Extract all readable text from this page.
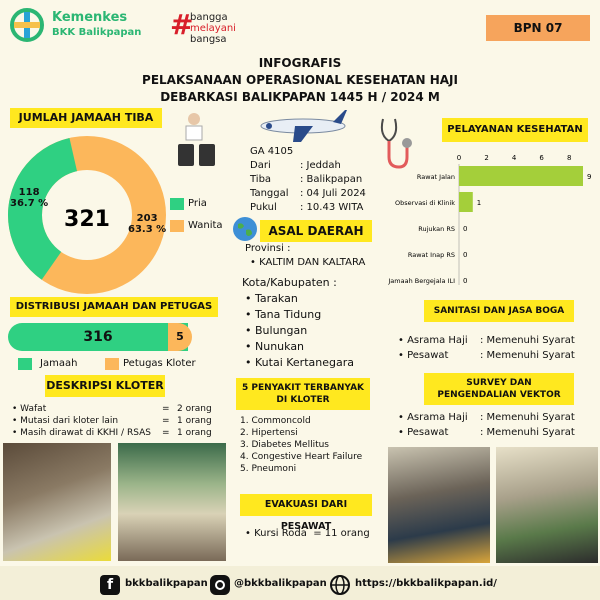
Kemenkes
BKK Balikpapan #
bangga
melayani
bangsa
BPN 07
INFOGRAFIS
PELAKSANAAN OPERASIONAL KESEHATAN HAJI
DEBARKASI BALIKPAPAN 1445 H / 2024 M
JUMLAH JAMAAH TIBA
321
118
36.7 %
203
63.3 %
Pria
Wanita
GA 4105
Dari	: Jeddah
Tiba	: Balikpapan
Tanggal	: 04 Juli 2024
Pukul	: 10.43 WITA
ASAL DAERAH
Provinsi :
• KALTIM DAN KALTARA
Kota/Kabupaten :
• Tarakan
• Tana Tidung
• Bulungan
• Nunukan
• Kutai Kertanegara
PELAYANAN KESEHATAN
0	2	4	6	8
Rawat Jalan	9
Observasi di Klinik	1
Rujukan RS 0
Rawat Inap RS 0
Jamaah Bergejala ILI 0
DISTRIBUSI JAMAAH DAN PETUGAS
316	5
Jamaah	Petugas Kloter
DESKRIPSI KLOTER
• Wafat	= 2 orang
• Mutasi dari kloter lain	= 1 orang
• Masih dirawat di KKHI / RSAS	= 1 orang
5 PENYAKIT TERBANYAK DI KLOTER
1. Commoncold
2. Hipertensi
3. Diabetes Mellitus
4. Congestive Heart Failure
5. Pneumoni
EVAKUASI DARI PESAWAT
• Kursi Roda = 11 orang
SANITASI DAN JASA BOGA
• Asrama Haji	: Memenuhi Syarat
• Pesawat	: Memenuhi Syarat
SURVEY DAN
PENGENDALIAN VEKTOR
• Asrama Haji	: Memenuhi Syarat
• Pesawat	: Memenuhi Syarat
f	bkkbalikpapan	@bkkbalikpapan	https://bkkbalikpapan.id/
